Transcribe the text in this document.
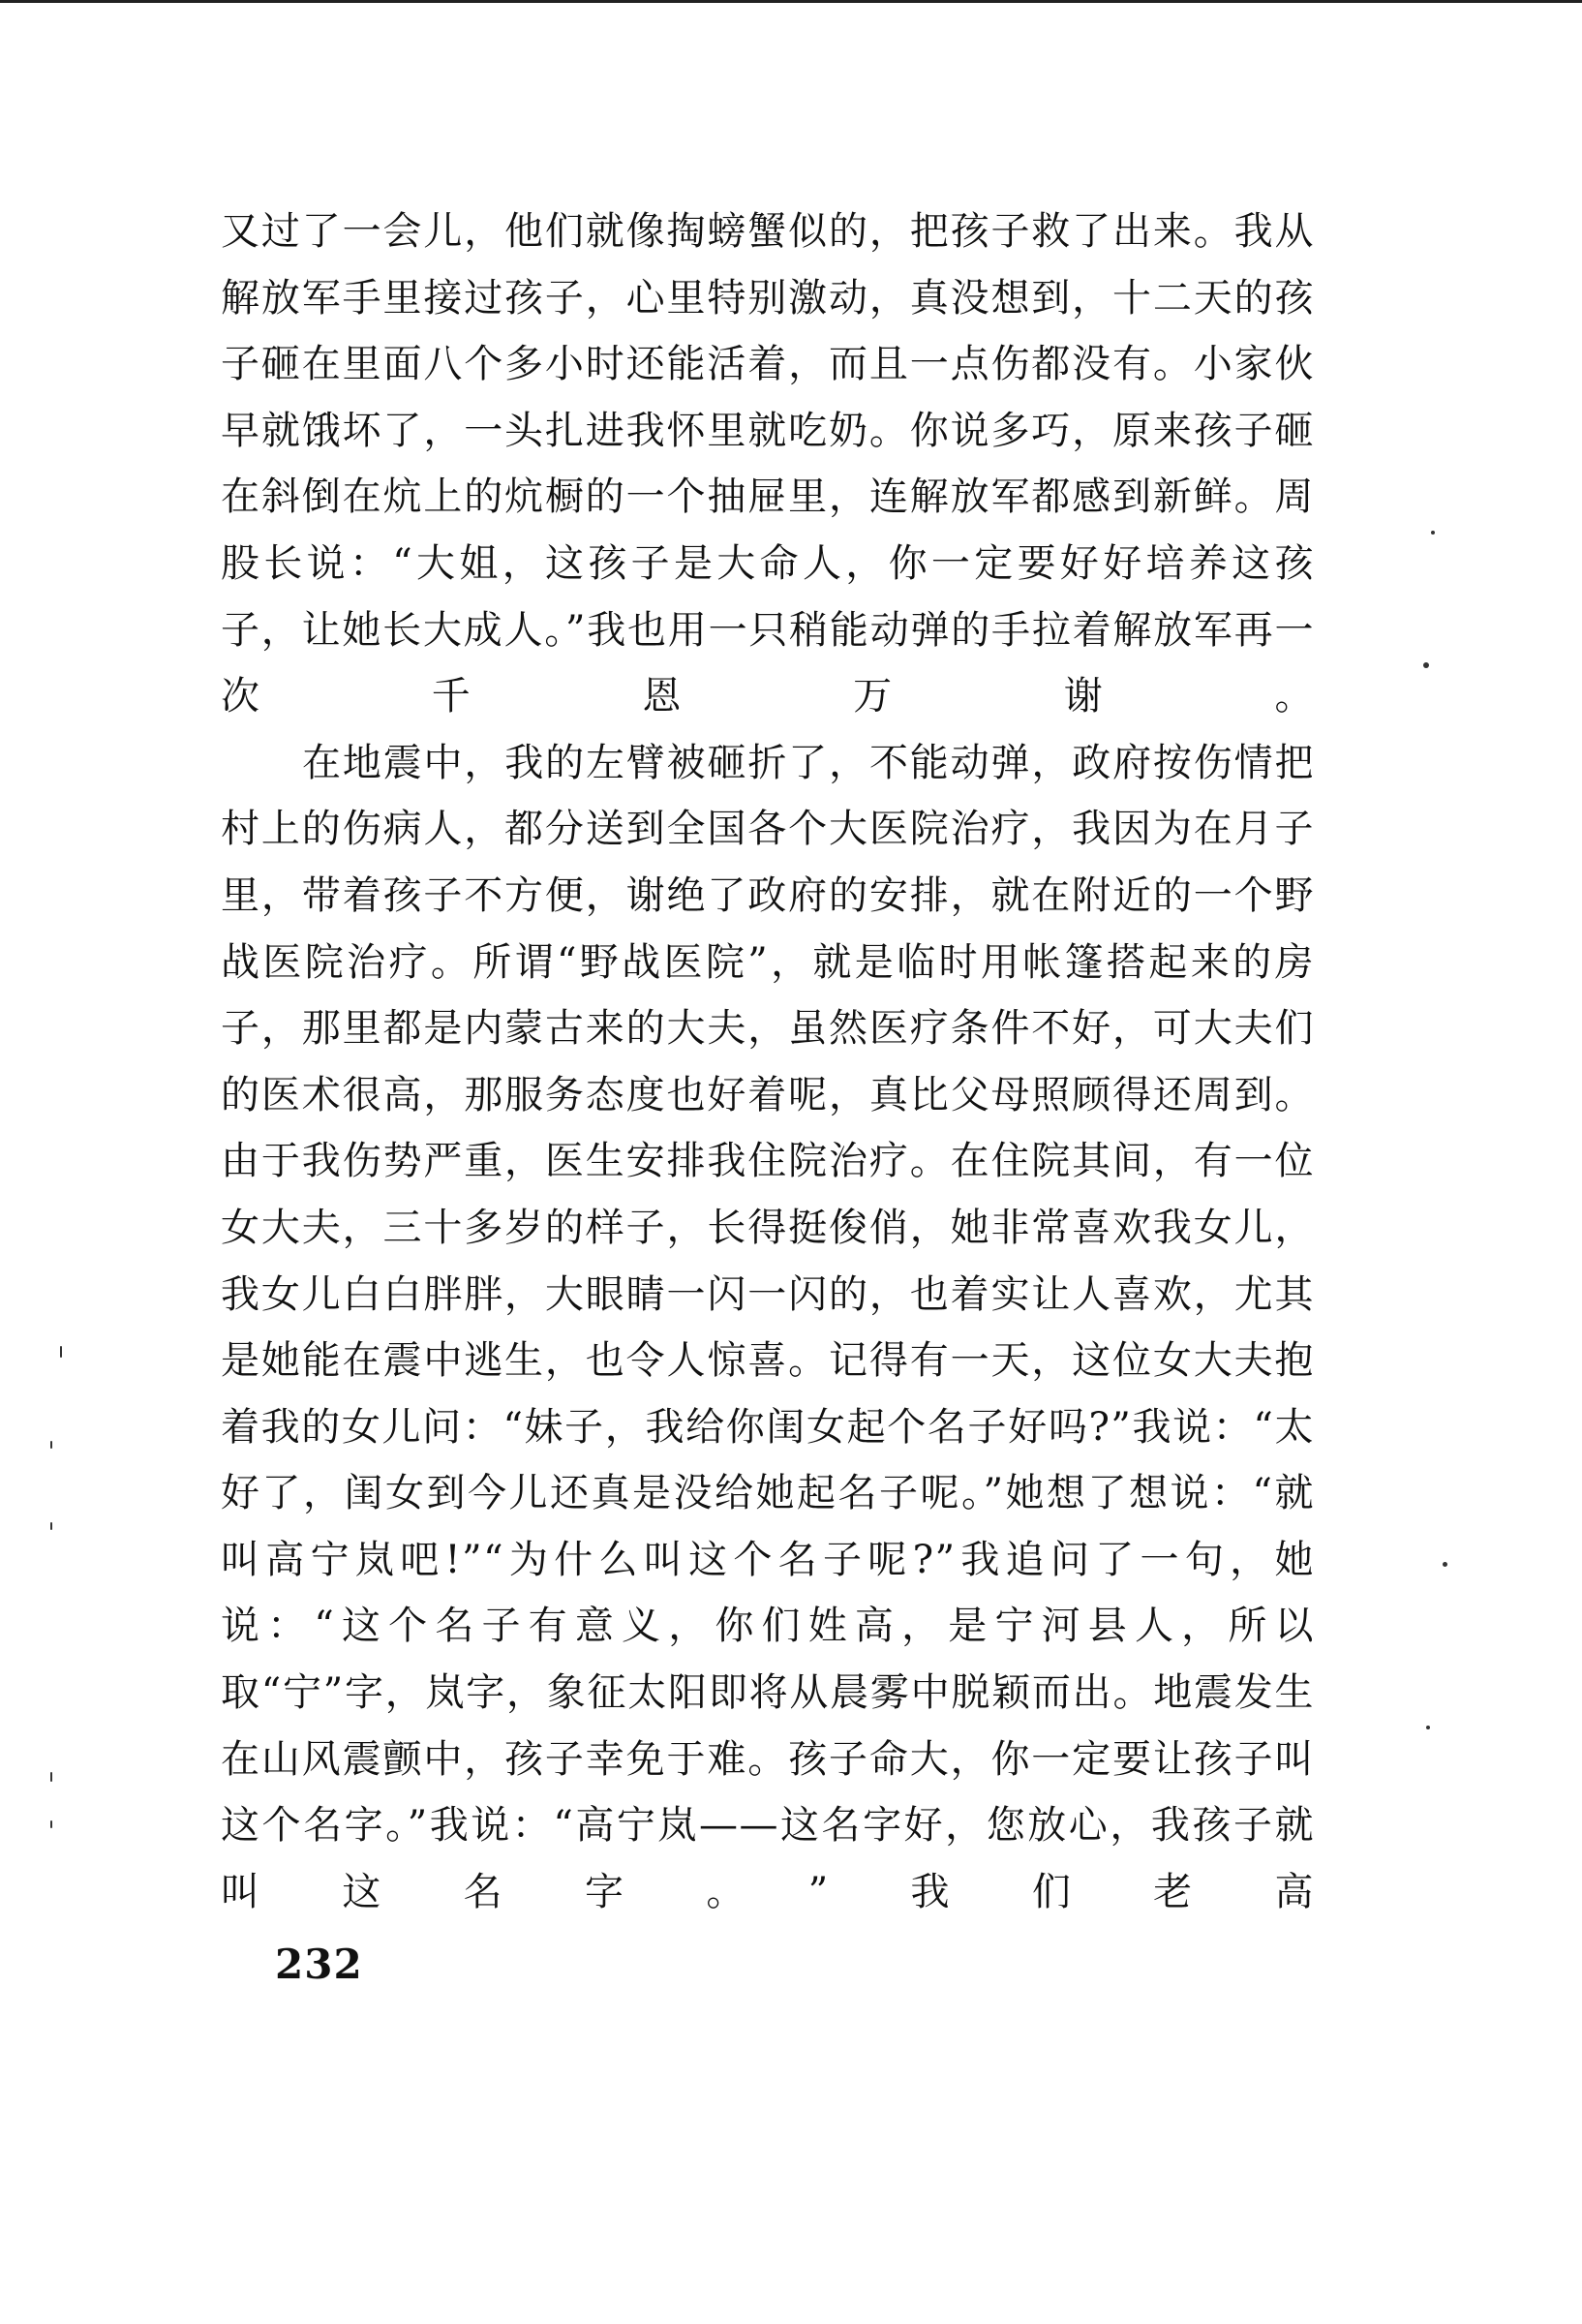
又过了一会儿，他们就像掏螃蟹似的，把孩子救了出来。我从解放军手里接过孩子，心里特别激动，真没想到，十二天的孩子砸在里面八个多小时还能活着，而且一点伤都没有。小家伙早就饿坏了，一头扎进我怀里就吃奶。你说多巧，原来孩子砸在斜倒在炕上的炕橱的一个抽屉里，连解放军都感到新鲜。周股长说：“大姐，这孩子是大命人，你一定要好好培养这孩子，让她长大成人。”我也用一只稍能动弹的手拉着解放军再一次千恩万谢。

在地震中，我的左臂被砸折了，不能动弹，政府按伤情把村上的伤病人，都分送到全国各个大医院治疗，我因为在月子里，带着孩子不方便，谢绝了政府的安排，就在附近的一个野战医院治疗。所谓“野战医院”，就是临时用帐篷搭起来的房子，那里都是内蒙古来的大夫，虽然医疗条件不好，可大夫们的医术很高，那服务态度也好着呢，真比父母照顾得还周到。由于我伤势严重，医生安排我住院治疗。在住院其间，有一位女大夫，三十多岁的样子，长得挺俊俏，她非常喜欢我女儿，我女儿白白胖胖，大眼睛一闪一闪的，也着实让人喜欢，尤其是她能在震中逃生，也令人惊喜。记得有一天，这位女大夫抱着我的女儿问：“妹子，我给你闺女起个名子好吗?”我说：“太好了，闺女到今儿还真是没给她起名子呢。”她想了想说：“就叫高宁岚吧!”“为什么叫这个名子呢?”我追问了一句，她说：“这个名子有意义，你们姓高，是宁河县人，所以取“宁”字，岚字，象征太阳即将从晨雾中脱颖而出。地震发生在山风震颤中，孩子幸免于难。孩子命大，你一定要让孩子叫这个名字。”我说：“高宁岚——这名字好，您放心，我孩子就叫这名字。”我们老高

232
